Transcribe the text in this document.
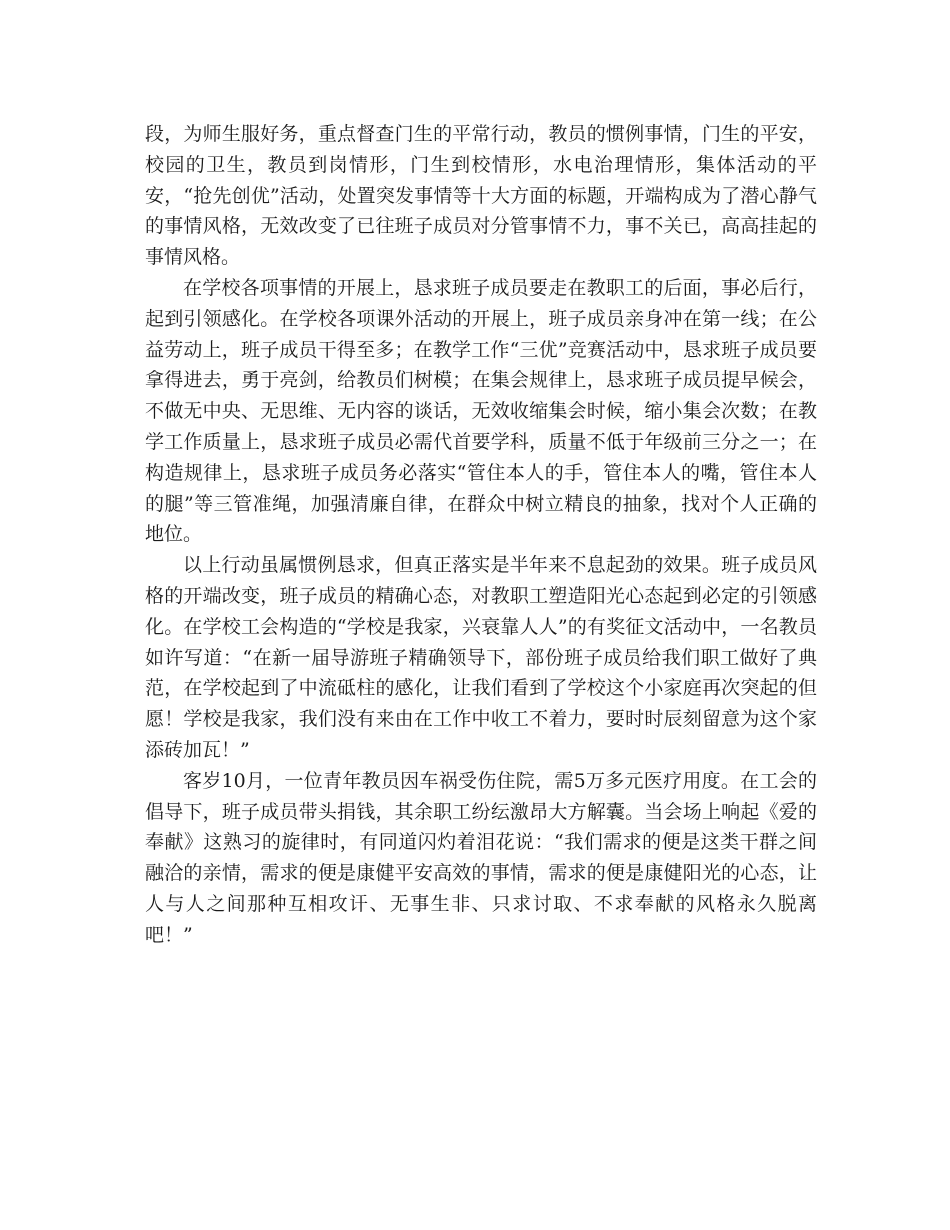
段，为师生服好务，重点督查门生的平常行动，教员的惯例事情，门生的平安，校园的卫生，教员到岗情形，门生到校情形，水电治理情形，集体活动的平安，“抢先创优”活动，处置突发事情等十大方面的标题，开端构成为了潜心静气的事情风格，无效改变了已往班子成员对分管事情不力，事不关已，高高挂起的事情风格。

在学校各项事情的开展上，恳求班子成员要走在教职工的后面，事必后行，起到引领感化。在学校各项课外活动的开展上，班子成员亲身冲在第一线；在公益劳动上，班子成员干得至多；在教学工作“三优”竞赛活动中，恳求班子成员要拿得进去，勇于亮剑，给教员们树模；在集会规律上，恳求班子成员提早候会，不做无中央、无思维、无内容的谈话，无效收缩集会时候，缩小集会次数；在教学工作质量上，恳求班子成员必需代首要学科，质量不低于年级前三分之一；在构造规律上，恳求班子成员务必落实“管住本人的手，管住本人的嘴，管住本人的腿”等三管准绳，加强清廉自律，在群众中树立精良的抽象，找对个人正确的地位。

以上行动虽属惯例恳求，但真正落实是半年来不息起劲的效果。班子成员风格的开端改变，班子成员的精确心态，对教职工塑造阳光心态起到必定的引领感化。在学校工会构造的“学校是我家，兴衰靠人人”的有奖征文活动中，一名教员如许写道：“在新一届导游班子精确领导下，部份班子成员给我们职工做好了典范，在学校起到了中流砥柱的感化，让我们看到了学校这个小家庭再次突起的但愿！学校是我家，我们没有来由在工作中收工不着力，要时时辰刻留意为这个家添砖加瓦！”

客岁10月，一位青年教员因车祸受伤住院，需5万多元医疗用度。在工会的倡导下，班子成员带头捐钱，其余职工纷纭激昂大方解囊。当会场上响起《爱的奉献》这熟习的旋律时，有同道闪灼着泪花说：“我们需求的便是这类干群之间融洽的亲情，需求的便是康健平安高效的事情，需求的便是康健阳光的心态，让人与人之间那种互相攻讦、无事生非、只求讨取、不求奉献的风格永久脱离吧！”
